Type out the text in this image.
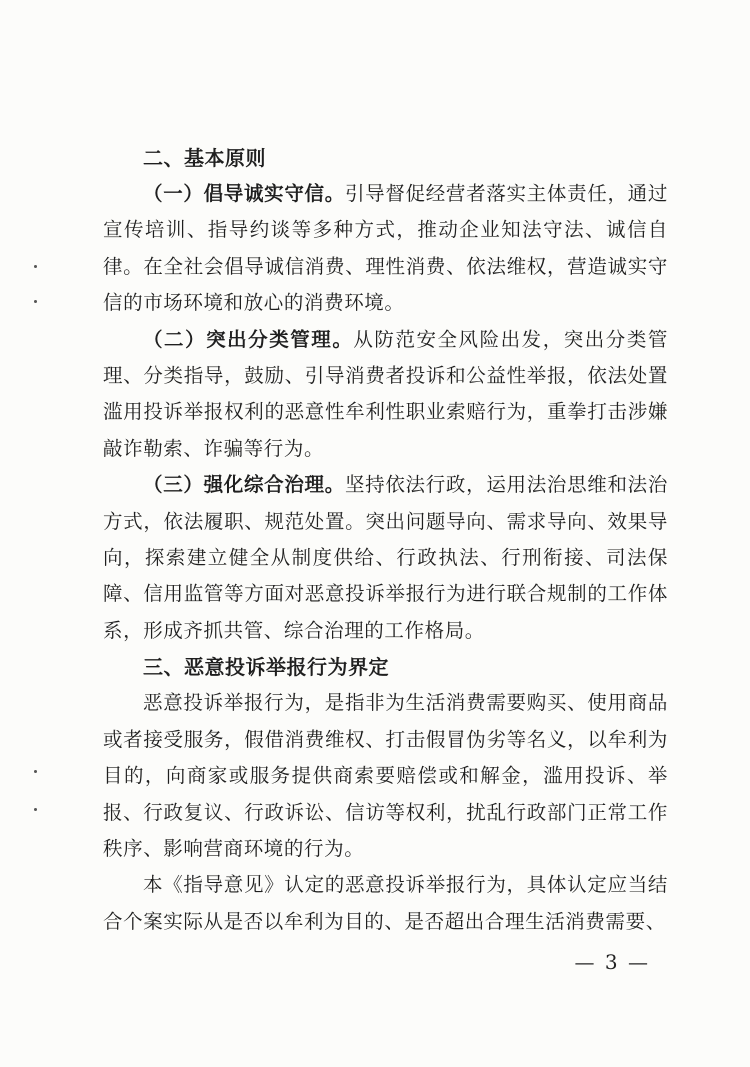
二、基本原则

（一）倡导诚实守信。引导督促经营者落实主体责任，通过宣传培训、指导约谈等多种方式，推动企业知法守法、诚信自律。在全社会倡导诚信消费、理性消费、依法维权，营造诚实守信的市场环境和放心的消费环境。

（二）突出分类管理。从防范安全风险出发，突出分类管理、分类指导，鼓励、引导消费者投诉和公益性举报，依法处置滥用投诉举报权利的恶意性牟利性职业索赔行为，重拳打击涉嫌敲诈勒索、诈骗等行为。

（三）强化综合治理。坚持依法行政，运用法治思维和法治方式，依法履职、规范处置。突出问题导向、需求导向、效果导向，探索建立健全从制度供给、行政执法、行刑衔接、司法保障、信用监管等方面对恶意投诉举报行为进行联合规制的工作体系，形成齐抓共管、综合治理的工作格局。

三、恶意投诉举报行为界定

恶意投诉举报行为，是指非为生活消费需要购买、使用商品或者接受服务，假借消费维权、打击假冒伪劣等名义，以牟利为目的，向商家或服务提供商索要赔偿或和解金，滥用投诉、举报、行政复议、行政诉讼、信访等权利，扰乱行政部门正常工作秩序、影响营商环境的行为。

本《指导意见》认定的恶意投诉举报行为，具体认定应当结合个案实际从是否以牟利为目的、是否超出合理生活消费需要、

— 3 —
